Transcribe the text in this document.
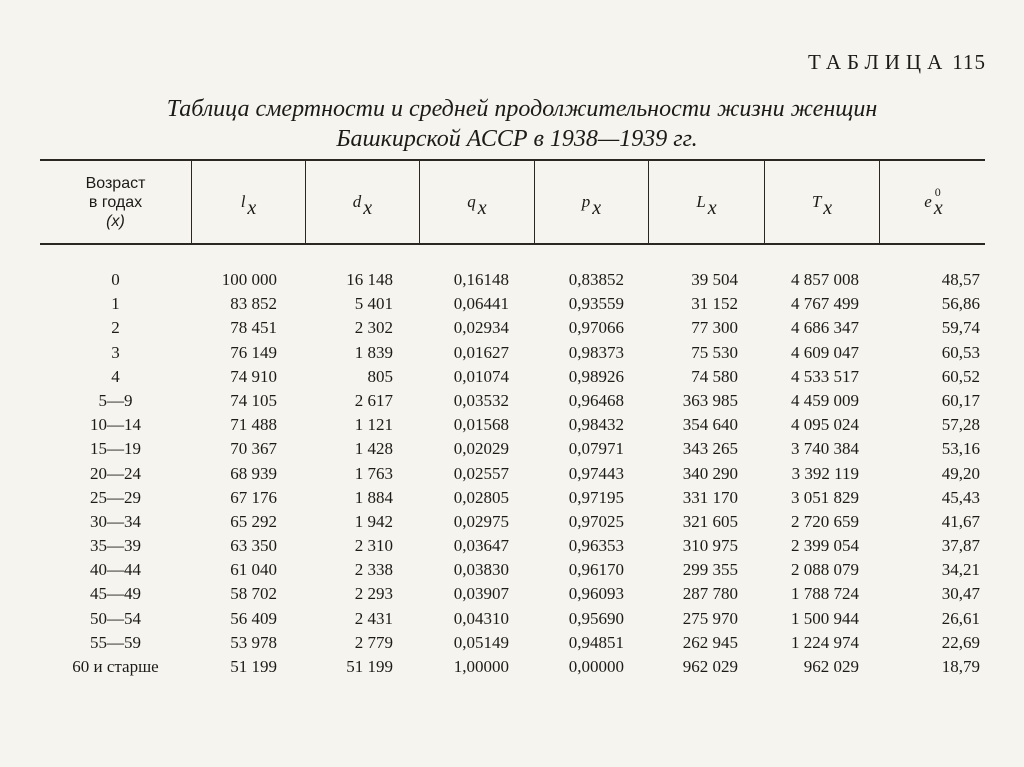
ТАБЛИЦА 115
Таблица смертности и средней продолжительности жизни женщин
Башкирской АССР в 1938—1939 гг.
Возраст
в годах
(x)
l x	d x	q x	p x	L x	T x	e x
0
0	100 000	16 148	0,16148	0,83852	39 504	4 857 008	48,57
1	83 852	5 401	0,06441	0,93559	31 152	4 767 499	56,86
2	78 451	2 302	0,02934	0,97066	77 300	4 686 347	59,74
3	76 149	1 839	0,01627	0,98373	75 530	4 609 047	60,53
4	74 910	805	0,01074	0,98926	74 580	4 533 517	60,52
5—9	74 105	2 617	0,03532	0,96468	363 985	4 459 009	60,17
10—14	71 488	1 121	0,01568	0,98432	354 640	4 095 024	57,28
15—19	70 367	1 428	0,02029	0,07971	343 265	3 740 384	53,16
20—24	68 939	1 763	0,02557	0,97443	340 290	3 392 119	49,20
25—29	67 176	1 884	0,02805	0,97195	331 170	3 051 829	45,43
30—34	65 292	1 942	0,02975	0,97025	321 605	2 720 659	41,67
35—39	63 350	2 310	0,03647	0,96353	310 975	2 399 054	37,87
40—44	61 040	2 338	0,03830	0,96170	299 355	2 088 079	34,21
45—49	58 702	2 293	0,03907	0,96093	287 780	1 788 724	30,47
50—54	56 409	2 431	0,04310	0,95690	275 970	1 500 944	26,61
55—59	53 978	2 779	0,05149	0,94851	262 945	1 224 974	22,69
60 и старше	51 199	51 199	1,00000	0,00000	962 029	962 029	18,79
